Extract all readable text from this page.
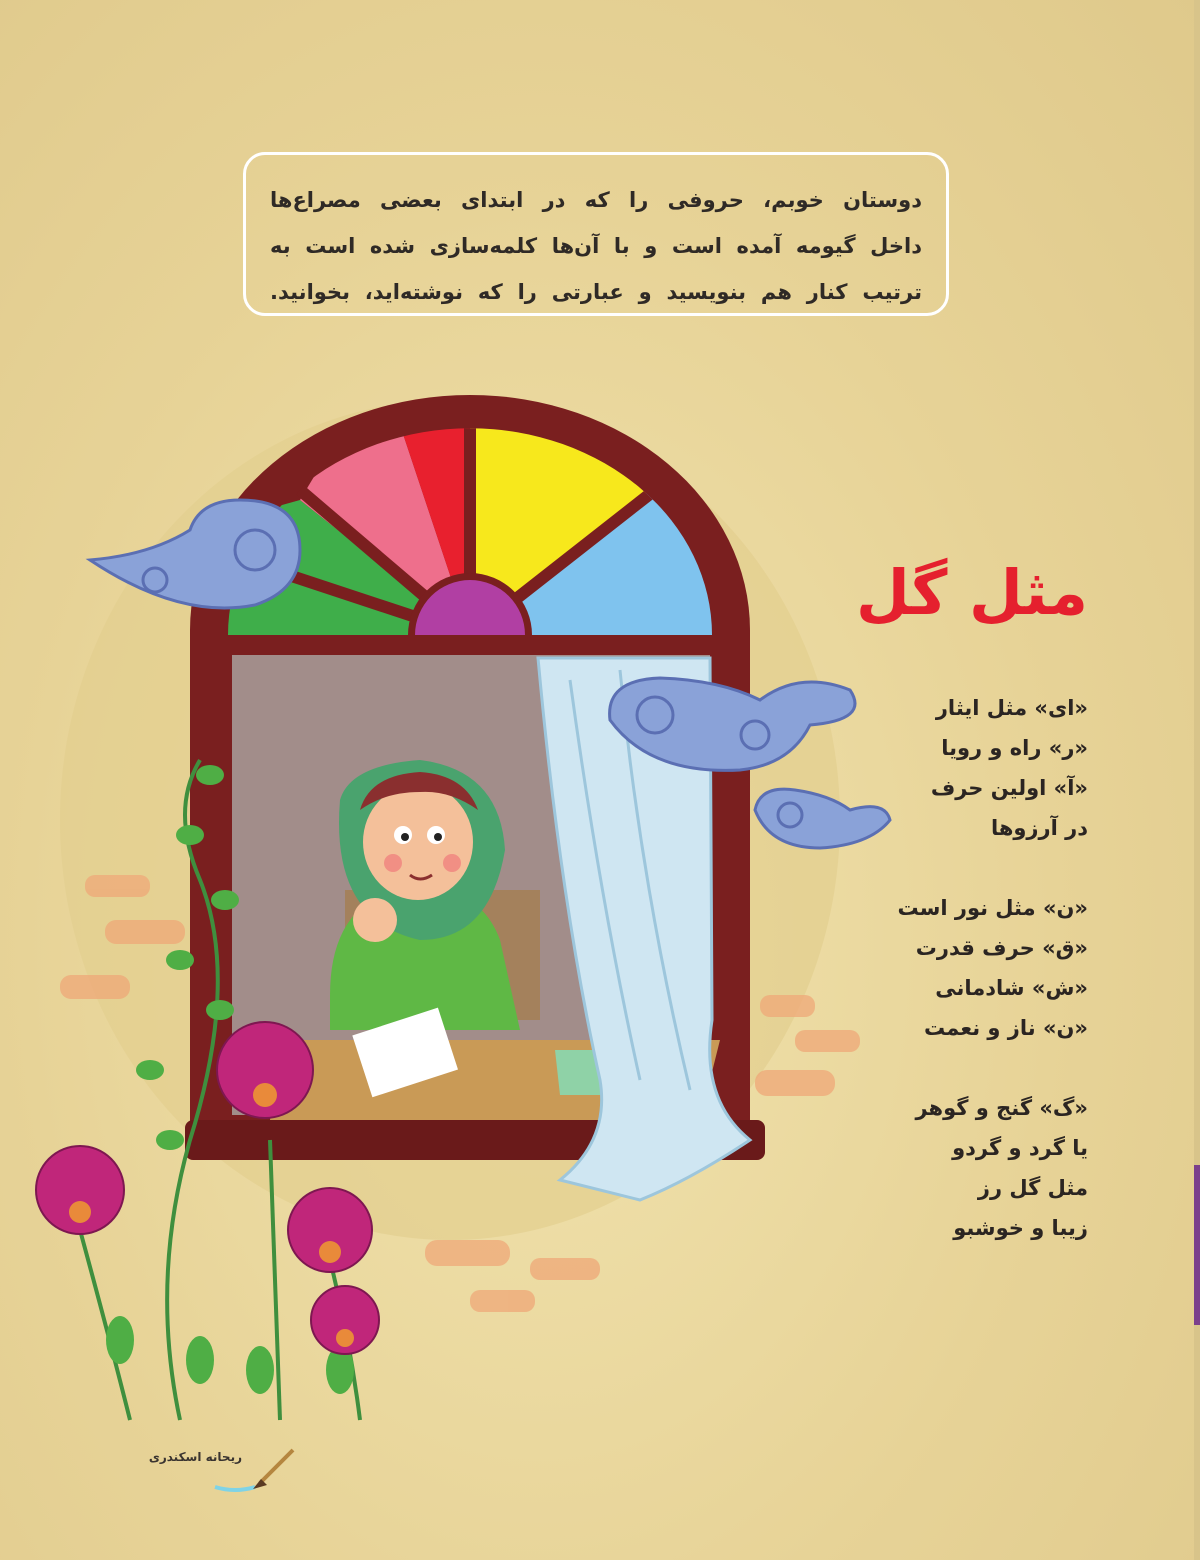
دوستان خوبم، حروفی را که در ابتدای بعضی مصراع‌ها
داخل گیومه آمده است و با آن‌ها کلمه‌سازی شده است به
ترتیب کنار هم بنویسید و عبارتی را که نوشته‌اید، بخوانید.
مثل گل
«ای» مثل ایثار
«ر» راه و رویا
«آ» اولین حرف
در آرزوها
«ن» مثل نور است
«ق» حرف قدرت
«ش» شادمانی
«ن» ناز و نعمت
«گ» گنج و گوهر
یا گرد و گردو
مثل گل رز
زیبا و خوشبو
ریحانه اسکندری
